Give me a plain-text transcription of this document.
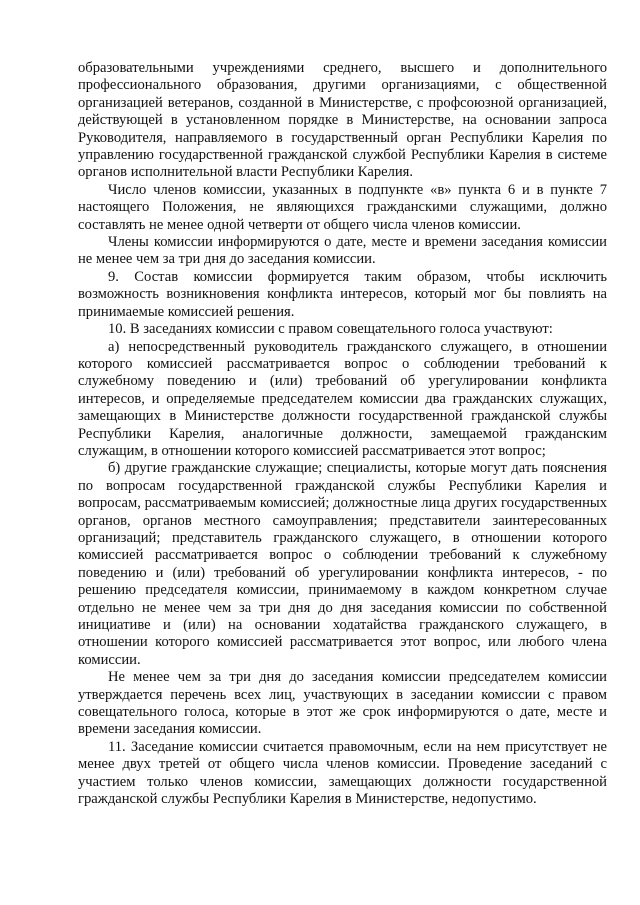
образовательными учреждениями среднего, высшего и дополнительного профессионального образования, другими организациями, с общественной организацией ветеранов, созданной в Министерстве, с профсоюзной организацией, действующей в установленном порядке в Министерстве, на основании запроса Руководителя, направляемого в государственный орган Республики Карелия по управлению государственной гражданской службой Республики Карелия в системе органов исполнительной власти Республики Карелия.

Число членов комиссии, указанных в подпункте «в» пункта 6 и в пункте 7 настоящего Положения, не являющихся гражданскими служащими, должно составлять не менее одной четверти от общего числа членов комиссии.

Члены комиссии информируются о дате, месте и времени заседания комиссии не менее чем за три дня до заседания комиссии.

9. Состав комиссии формируется таким образом, чтобы исключить возможность возникновения конфликта интересов, который мог бы повлиять на принимаемые комиссией решения.

10. В заседаниях комиссии с правом совещательного голоса участвуют:

а) непосредственный руководитель гражданского служащего, в отношении которого комиссией рассматривается вопрос о соблюдении требований к служебному поведению и (или) требований об урегулировании конфликта интересов, и определяемые председателем комиссии два гражданских служащих, замещающих в Министерстве должности государственной гражданской службы Республики Карелия, аналогичные должности, замещаемой гражданским служащим, в отношении которого комиссией рассматривается этот вопрос;

б) другие гражданские служащие; специалисты, которые могут дать пояснения по вопросам государственной гражданской службы Республики Карелия и вопросам, рассматриваемым комиссией; должностные лица других государственных органов, органов местного самоуправления; представители заинтересованных организаций; представитель гражданского служащего, в отношении которого комиссией рассматривается вопрос о соблюдении требований к служебному поведению и (или) требований об урегулировании конфликта интересов, - по решению председателя комиссии, принимаемому в каждом конкретном случае отдельно не менее чем за три дня до дня заседания комиссии по собственной инициативе и (или) на основании ходатайства гражданского служащего, в отношении которого комиссией рассматривается этот вопрос, или любого члена комиссии.

Не менее чем за три дня до заседания комиссии председателем комиссии утверждается перечень всех лиц, участвующих в заседании комиссии с правом совещательного голоса, которые в этот же срок информируются о дате, месте и времени заседания комиссии.

11. Заседание комиссии считается правомочным, если на нем присутствует не менее двух третей от общего числа членов комиссии. Проведение заседаний с участием только членов комиссии, замещающих должности государственной гражданской службы Республики Карелия в Министерстве, недопустимо.
